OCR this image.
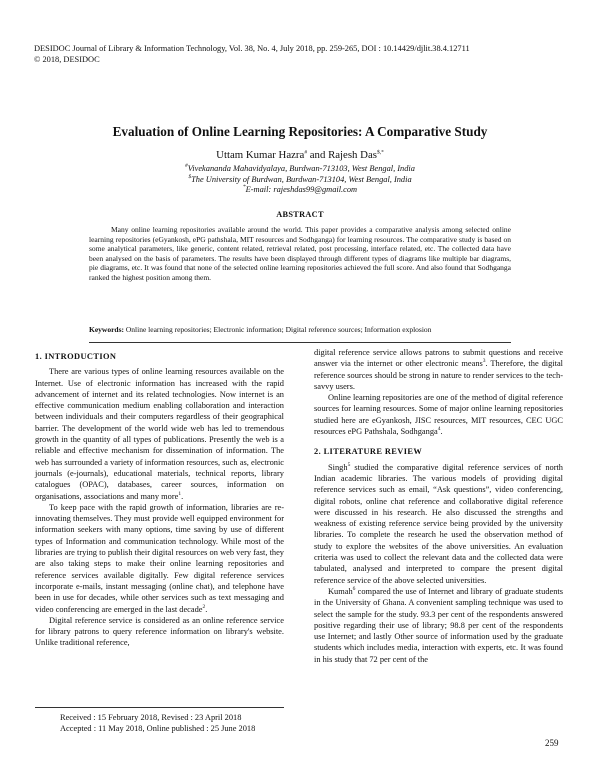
DESIDOC Journal of Library & Information Technology, Vol. 38, No. 4, July 2018, pp. 259-265, DOI : 10.14429/djlit.38.4.12711
© 2018, DESIDOC
Evaluation of Online Learning Repositories: A Comparative Study
Uttam Kumar Hazra# and Rajesh Das$,*
#Vivekananda Mahavidyalaya, Burdwan-713103, West Bengal, India
$The University of Burdwan, Burdwan-713104, West Bengal, India
*E-mail: rajeshdas99@gmail.com
ABSTRACT

Many online learning repositories available around the world. This paper provides a comparative analysis among selected online learning repositories (eGyankosh, ePG pathshala, MIT resources and Sodhganga) for learning resources. The comparative study is based on some analytical parameters, like generic, content related, retrieval related, post processing, interface related, etc. The collected data have been analysed on the basis of parameters. The results have been displayed through different types of diagrams like multiple bar diagrams, pie diagrams, etc. It was found that none of the selected online learning repositories achieved the full score. And also found that Sodhganga ranked the highest position among them.

Keywords: Online learning repositories; Electronic information; Digital reference sources; Information explosion

1. INTRODUCTION

There are various types of online learning resources available on the Internet. Use of electronic information has increased with the rapid advancement of internet and its related technologies. Now internet is an effective communication medium enabling collaboration and interaction between individuals and their computers regardless of their geographical barrier. The development of the world wide web has led to tremendous growth in the quantity of all types of publications. Presently the web is a reliable and effective mechanism for dissemination of information. The web has surrounded a variety of information resources, such as, electronic journals (e-journals), educational materials, technical reports, library catalogues (OPAC), databases, career sources, information on organisations, associations and many more$^1$.

To keep pace with the rapid growth of information, libraries are re-innovating themselves. They must provide well equipped environment for information seekers with many options, time saving by use of different types of Information and communication technology. While most of the libraries are trying to publish their digital resources on web very fast, they are also taking steps to make their online learning repositories and reference services available digitally. Few digital reference services incorporate e-mails, instant messaging (online chat), and telephone have been in use for decades, while other services such as text messaging and video conferencing are emerged in the last decade$^2$.

Digital reference service is considered as an online reference service for library patrons to query reference information on library's website. Unlike traditional reference,

digital reference service allows patrons to submit questions and receive answer via the internet or other electronic means$^3$. Therefore, the digital reference sources should be strong in nature to render services to the tech-savvy users.

Online learning repositories are one of the method of digital reference sources for learning resources. Some of major online learning repositories studied here are eGyankosh, JISC resources, MIT resources, CEC UGC resources ePG Pathshala, Sodhganga$^4$.

2. LITERATURE REVIEW

Singh$^5$ studied the comparative digital reference services of north Indian academic libraries. The various models of providing digital reference services such as email, “Ask questions”, video conferencing, digital robots, online chat reference and collaborative digital reference were discussed in his research. He also discussed the strengths and weakness of existing reference service being provided by the university libraries. To complete the research he used the observation method of study to explore the websites of the above universities. An evaluation criteria was used to collect the relevant data and the collected data were tabulated, analysed and interpreted to compare the present digital reference service of the above selected universities.

Kumah$^6$ compared the use of Internet and library of graduate students in the University of Ghana. A convenient sampling technique was used to select the sample for the study. 93.3 per cent of the respondents answered positive regarding their use of library; 98.8 per cent of the respondents use Internet; and lastly Other source of information used by the graduate students which includes media, interaction with experts, etc. It was found in his study that 72 per cent of the

Received : 15 February 2018, Revised : 23 April 2018
Accepted : 11 May 2018, Online published : 25 June 2018
259
